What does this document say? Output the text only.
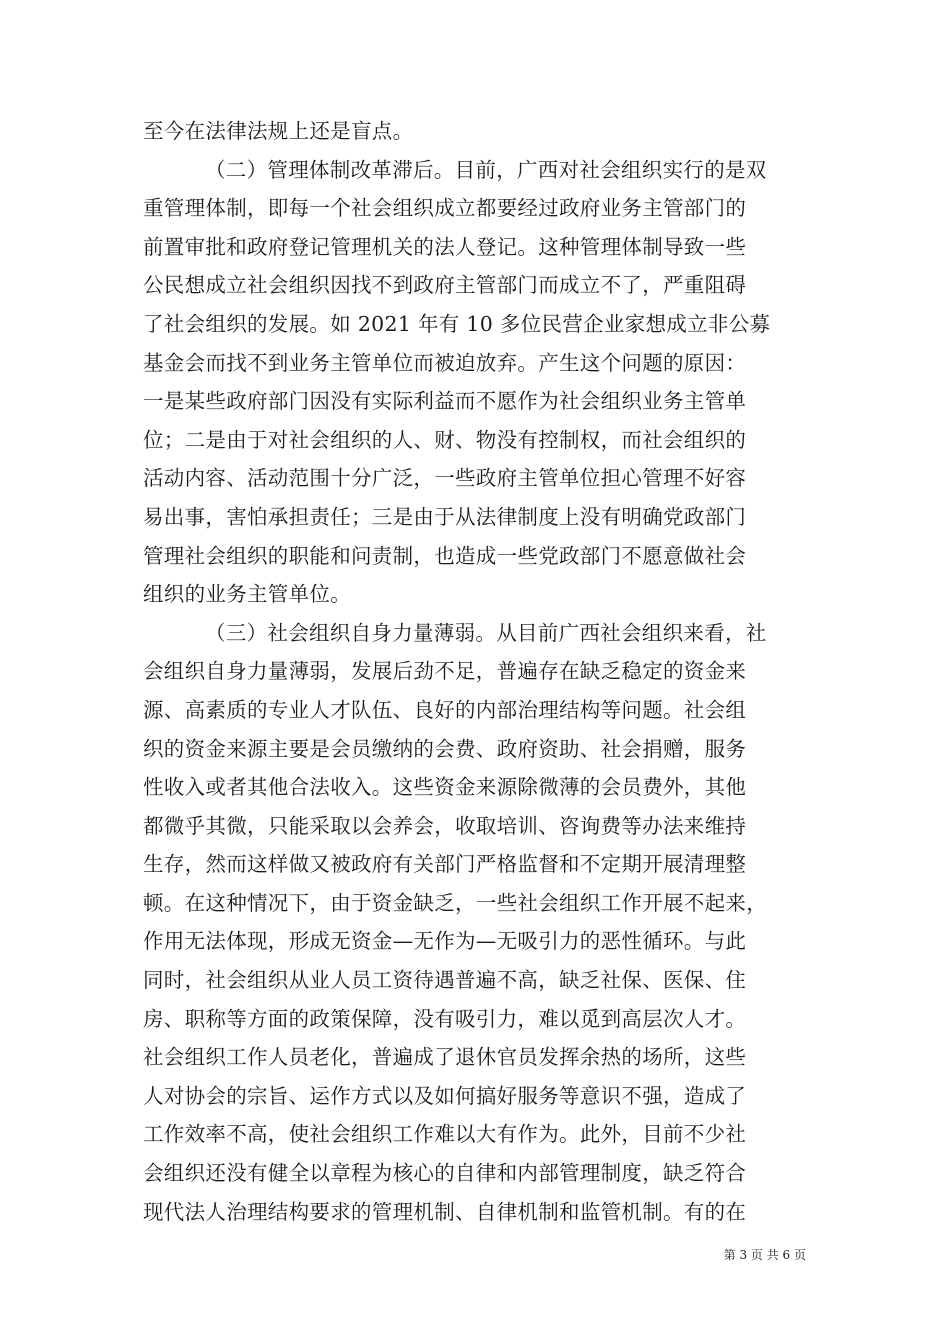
至今在法律法规上还是盲点。
（二）管理体制改革滞后。目前，广西对社会组织实行的是双
重管理体制，即每一个社会组织成立都要经过政府业务主管部门的
前置审批和政府登记管理机关的法人登记。这种管理体制导致一些
公民想成立社会组织因找不到政府主管部门而成立不了，严重阻碍
了社会组织的发展。如 2021 年有 10 多位民营企业家想成立非公募
基金会而找不到业务主管单位而被迫放弃。产生这个问题的原因：
一是某些政府部门因没有实际利益而不愿作为社会组织业务主管单
位；二是由于对社会组织的人、财、物没有控制权，而社会组织的
活动内容、活动范围十分广泛，一些政府主管单位担心管理不好容
易出事，害怕承担责任；三是由于从法律制度上没有明确党政部门
管理社会组织的职能和问责制，也造成一些党政部门不愿意做社会
组织的业务主管单位。
（三）社会组织自身力量薄弱。从目前广西社会组织来看，社
会组织自身力量薄弱，发展后劲不足，普遍存在缺乏稳定的资金来
源、高素质的专业人才队伍、良好的内部治理结构等问题。社会组
织的资金来源主要是会员缴纳的会费、政府资助、社会捐赠，服务
性收入或者其他合法收入。这些资金来源除微薄的会员费外，其他
都微乎其微，只能采取以会养会，收取培训、咨询费等办法来维持
生存，然而这样做又被政府有关部门严格监督和不定期开展清理整
顿。在这种情况下，由于资金缺乏，一些社会组织工作开展不起来，
作用无法体现，形成无资金—无作为—无吸引力的恶性循环。与此
同时，社会组织从业人员工资待遇普遍不高，缺乏社保、医保、住
房、职称等方面的政策保障，没有吸引力，难以觅到高层次人才。
社会组织工作人员老化，普遍成了退休官员发挥余热的场所，这些
人对协会的宗旨、运作方式以及如何搞好服务等意识不强，造成了
工作效率不高，使社会组织工作难以大有作为。此外，目前不少社
会组织还没有健全以章程为核心的自律和内部管理制度，缺乏符合
现代法人治理结构要求的管理机制、自律机制和监管机制。有的在
第 3 页 共 6 页
